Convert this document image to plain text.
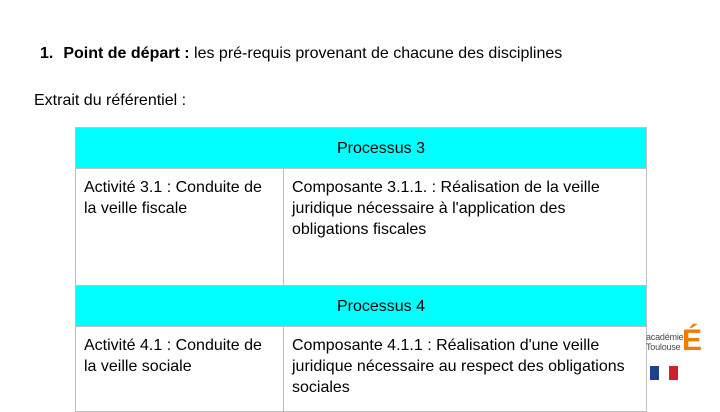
1. Point de départ : les pré-requis provenant de chacune des disciplines
Extrait du référentiel :
Processus 3	
Activité 3.1 : Conduite de la veille fiscale	Composante 3.1.1. : Réalisation de la veille juridique nécessaire à l'application des obligations fiscales
Processus 4	
Activité 4.1 : Conduite de la veille sociale	Composante 4.1.1 : Réalisation d'une veille juridique nécessaire au respect des obligations sociales
académie
Toulouse É
